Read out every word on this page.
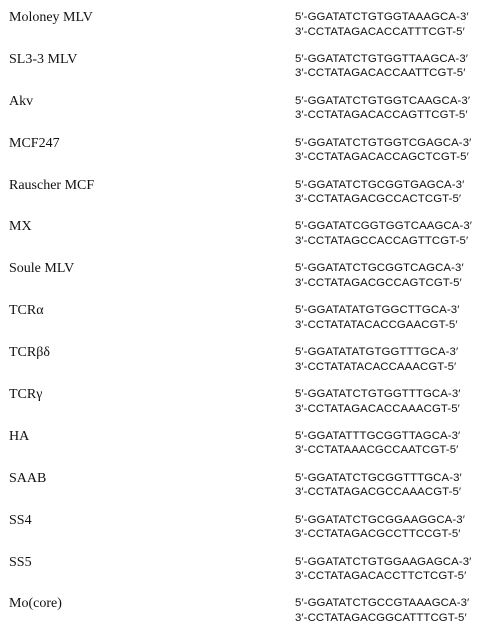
Moloney MLV	5′-GGATATCTGTGGTAAAGCA-3′
3′-CCTATAGACACCATTTCGT-5′
SL3-3 MLV	5′-GGATATCTGTGGTTAAGCA-3′
3′-CCTATAGACACCAATTCGT-5′
Akv	5′-GGATATCTGTGGTCAAGCA-3′
3′-CCTATAGACACCAGTTCGT-5′
MCF247	5′-GGATATCTGTGGTCGAGCA-3′
3′-CCTATAGACACCAGCTCGT-5′
Rauscher MCF	5′-GGATATCTGCGGTGAGCA-3′
3′-CCTATAGACGCCACTCGT-5′
MX	5′-GGATATCGGTGGTCAAGCA-3′
3′-CCTATAGCCACCAGTTCGT-5′
Soule MLV	5′-GGATATCTGCGGTCAGCA-3′
3′-CCTATAGACGCCAGTCGT-5′
TCRα	5′-GGATATATGTGGCTTGCA-3′
3′-CCTATATACACCGAACGT-5′
TCRβδ	5′-GGATATATGTGGTTTGCA-3′
3′-CCTATATACACCAAACGT-5′
TCRγ	5′-GGATATCTGTGGTTTGCA-3′
3′-CCTATAGACACCAAACGT-5′
HA	5′-GGATATTTGCGGTTAGCA-3′
3′-CCTATAAACGCCAATCGT-5′
SAAB	5′-GGATATCTGCGGTTTGCA-3′
3′-CCTATAGACGCCAAACGT-5′
SS4	5′-GGATATCTGCGGAAGGCA-3′
3′-CCTATAGACGCCTTCCGT-5′
SS5	5′-GGATATCTGTGGAAGAGCA-3′
3′-CCTATAGACACCTTCTCGT-5′
Mo(core)	5′-GGATATCTGCCGTAAAGCA-3′
3′-CCTATAGACGGCATTTCGT-5′
